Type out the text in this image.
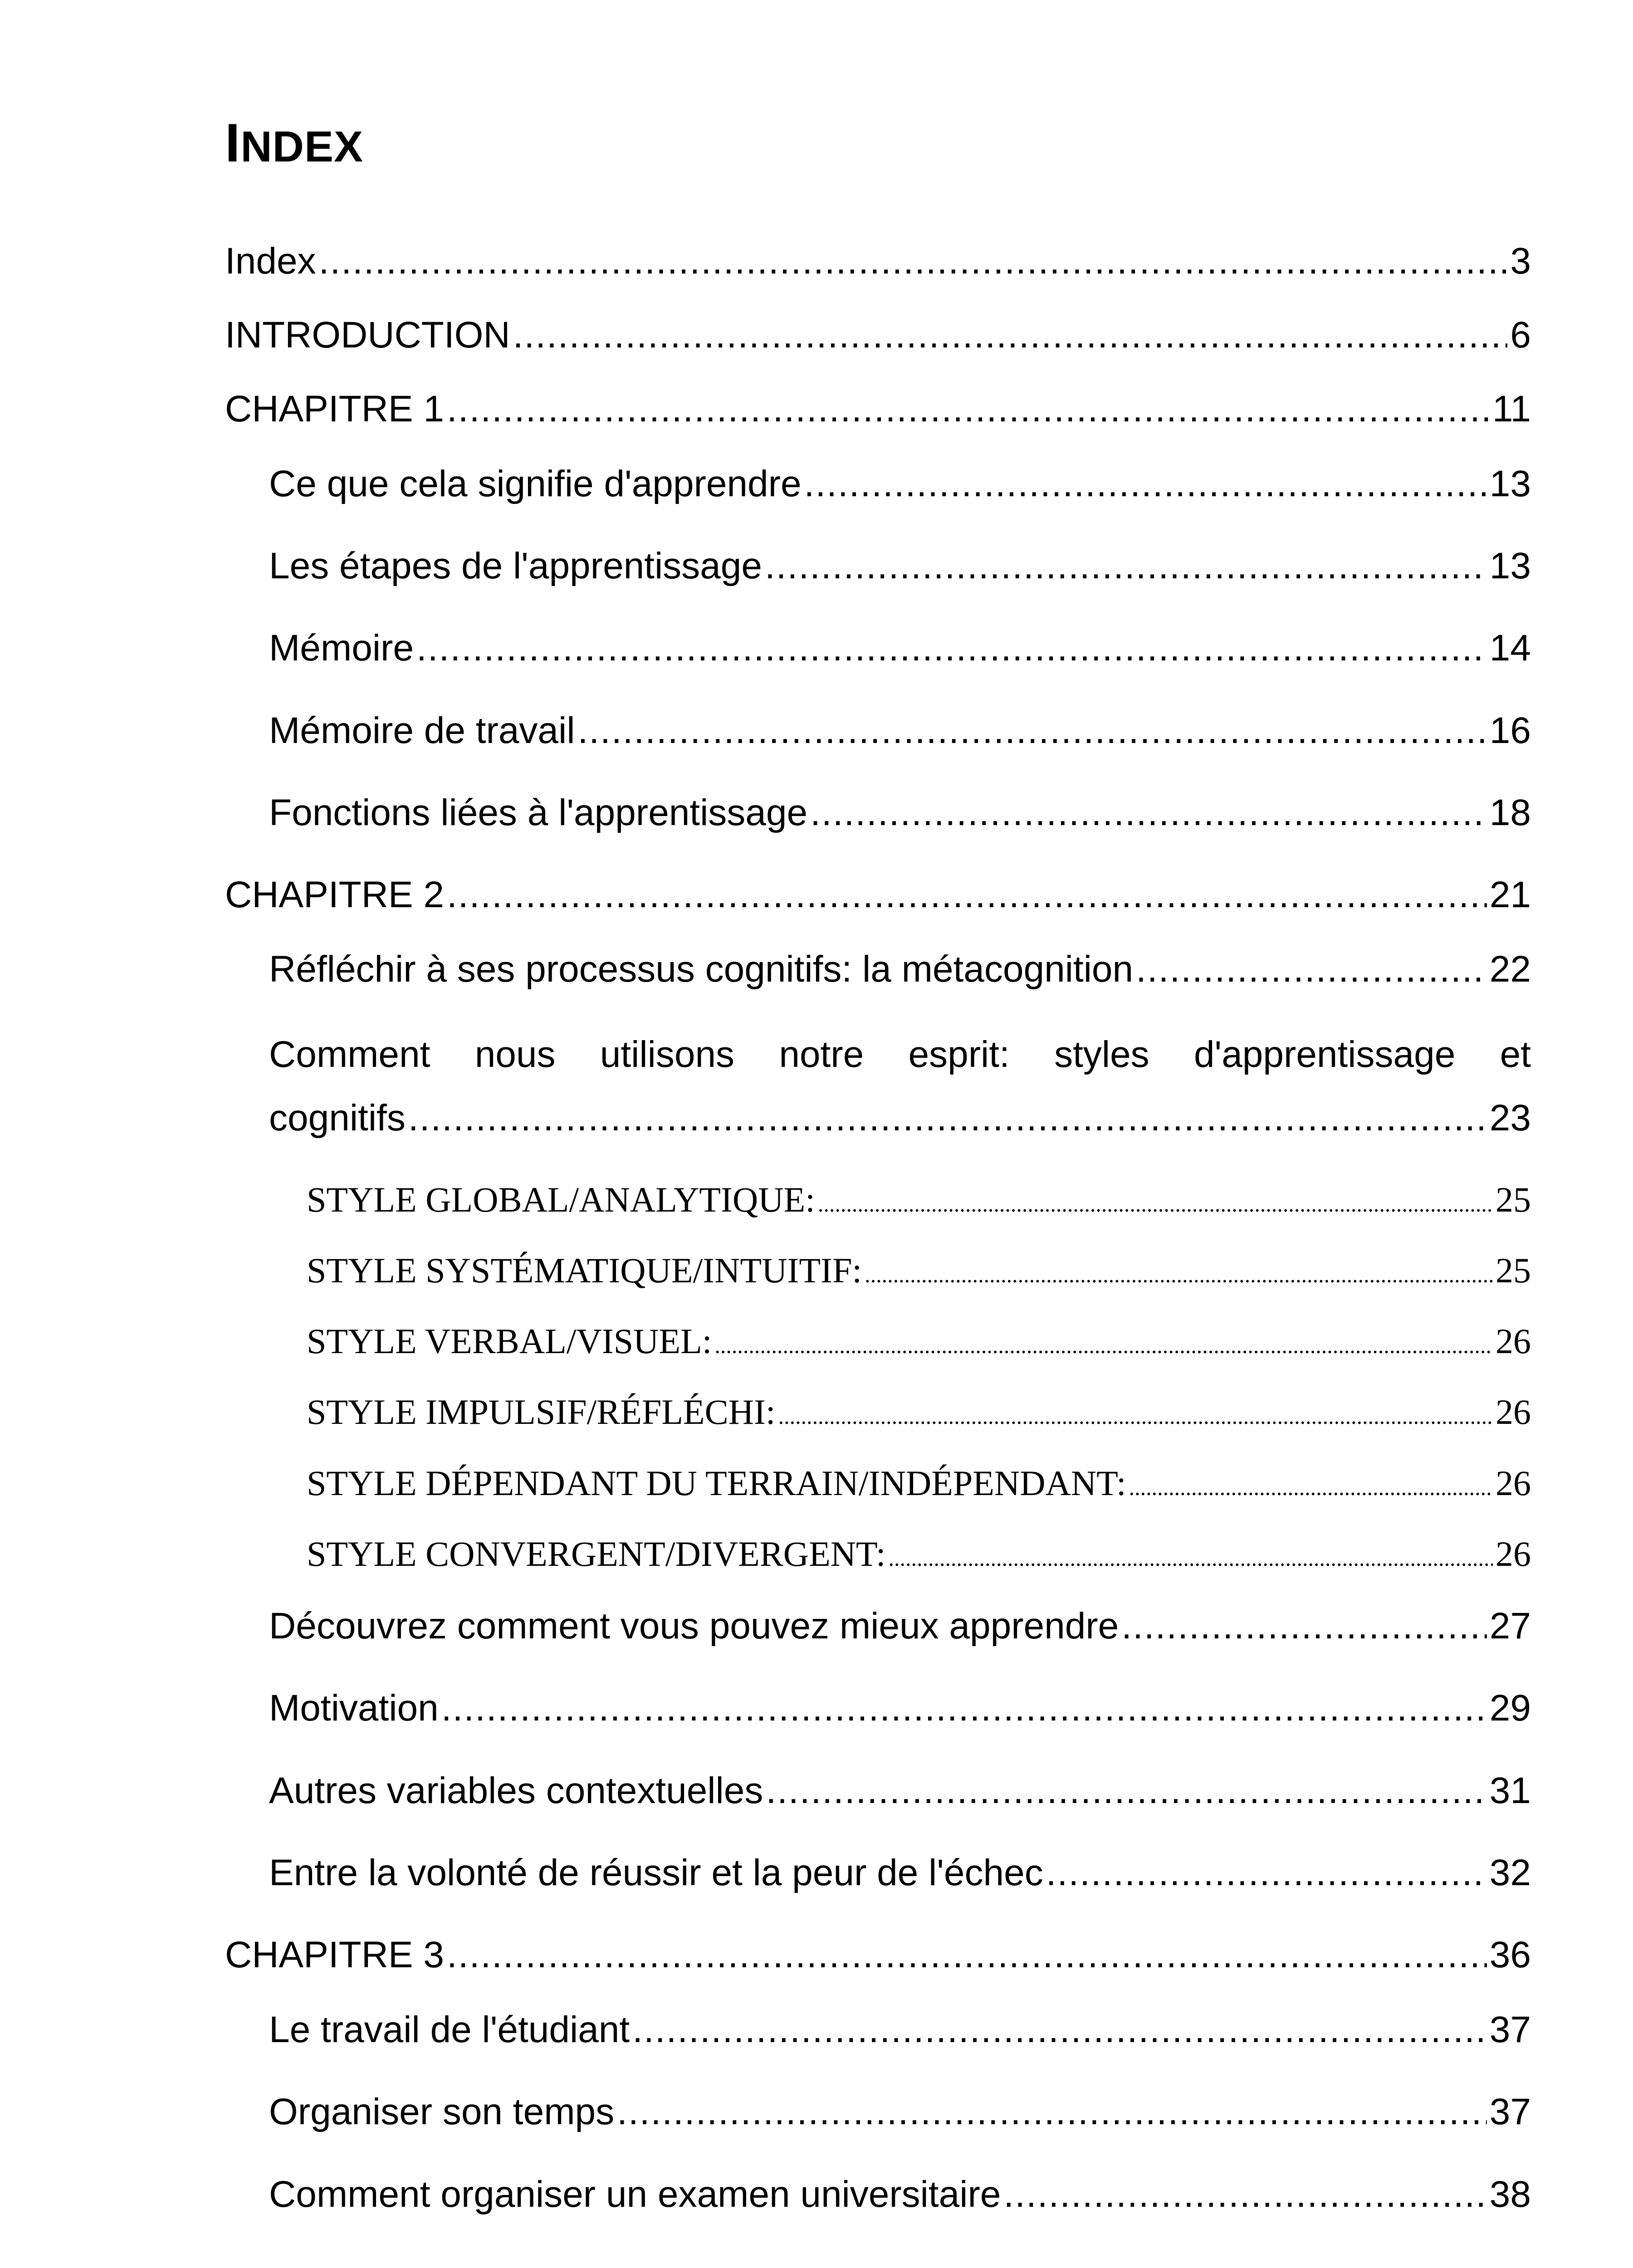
INDEX
Index .....	3
INTRODUCTION .....	6
CHAPITRE 1 .....	11
Ce que cela signifie d'apprendre .....	13
Les étapes de l'apprentissage .....	13
Mémoire .....	14
Mémoire de travail .....	16
Fonctions liées à l'apprentissage .....	18
CHAPITRE 2 .....	21
Réfléchir à ses processus cognitifs: la métacognition .....	22
Comment nous utilisons notre esprit: styles d'apprentissage et
cognitifs .....	23
STYLE GLOBAL/ANALYTIQUE: .....	25
STYLE SYSTÉMATIQUE/INTUITIF: .....	25
STYLE VERBAL/VISUEL: .....	26
STYLE IMPULSIF/RÉFLÉCHI: .....	26
STYLE DÉPENDANT DU TERRAIN/INDÉPENDANT: .....	26
STYLE CONVERGENT/DIVERGENT: .....	26
Découvrez comment vous pouvez mieux apprendre .....	27
Motivation .....	29
Autres variables contextuelles .....	31
Entre la volonté de réussir et la peur de l'échec .....	32
CHAPITRE 3 .....	36
Le travail de l'étudiant .....	37
Organiser son temps .....	37
Comment organiser un examen universitaire .....	38
